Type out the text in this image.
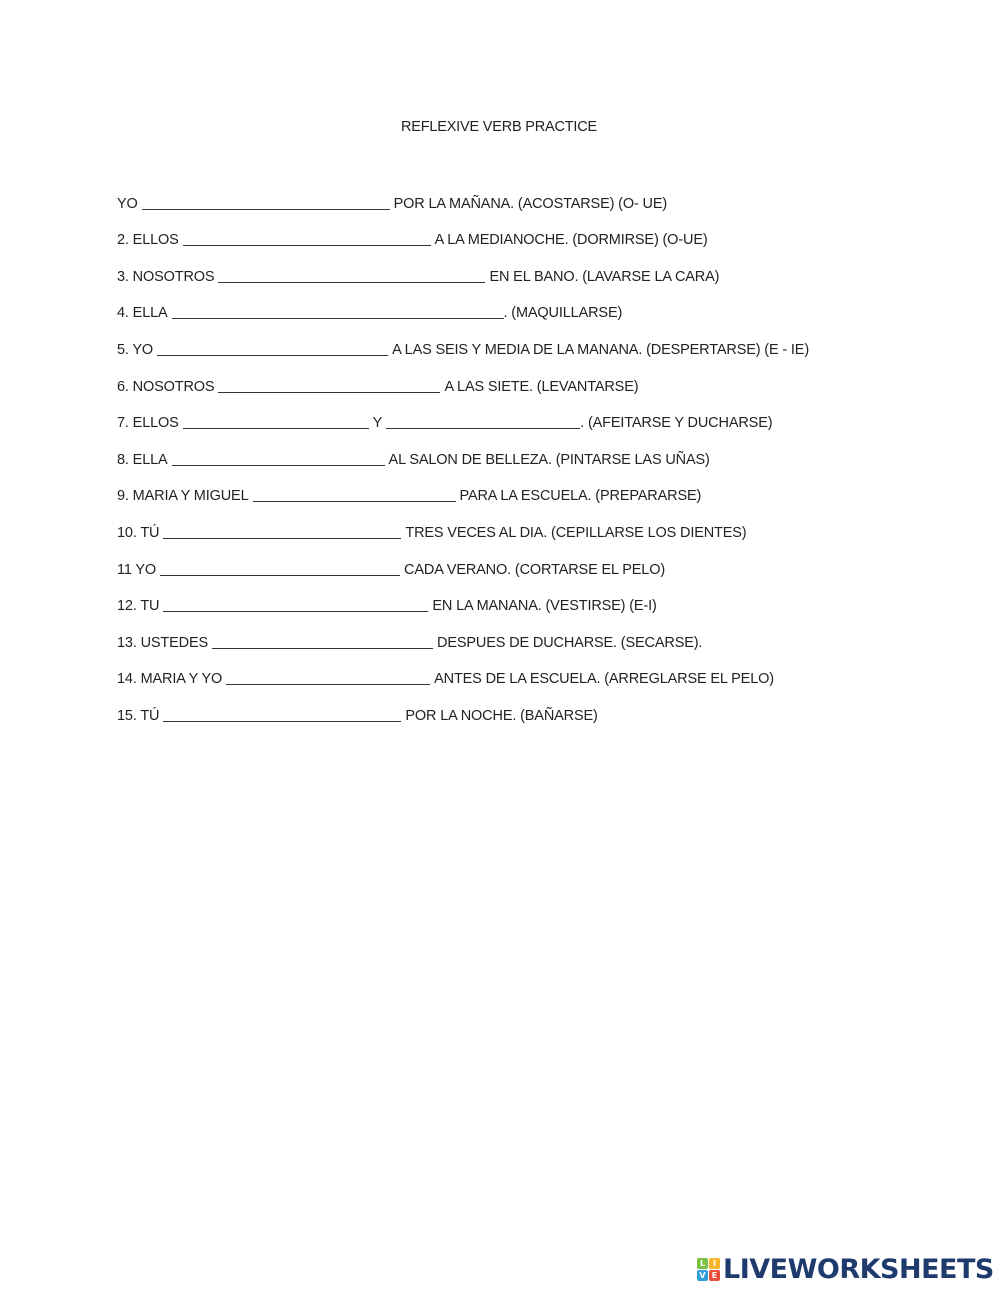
REFLEXIVE VERB PRACTICE
YO	POR LA MAÑANA. (ACOSTARSE) (O- UE)
2. ELLOS	A LA MEDIANOCHE. (DORMIRSE) (O-UE)
3. NOSOTROS	EN EL BANO. (LAVARSE LA CARA)
4. ELLA	. (MAQUILLARSE)
5. YO	A LAS SEIS Y MEDIA DE LA MANANA. (DESPERTARSE) (E - IE)
6. NOSOTROS	A LAS SIETE. (LEVANTARSE)
7. ELLOS	Y	. (AFEITARSE Y DUCHARSE)
8. ELLA	AL SALON DE BELLEZA. (PINTARSE LAS UÑAS)
9. MARIA Y MIGUEL	PARA LA ESCUELA. (PREPARARSE)
10. TÚ	TRES VECES AL DIA. (CEPILLARSE LOS DIENTES)
11 YO	CADA VERANO. (CORTARSE EL PELO)
12. TU	EN LA MANANA. (VESTIRSE) (E-I)
13. USTEDES	DESPUES DE DUCHARSE. (SECARSE).
14. MARIA Y YO	ANTES DE LA ESCUELA. (ARREGLARSE EL PELO)
15. TÚ	POR LA NOCHE. (BAÑARSE)
L I
V E LIVEWORKSHEETS
